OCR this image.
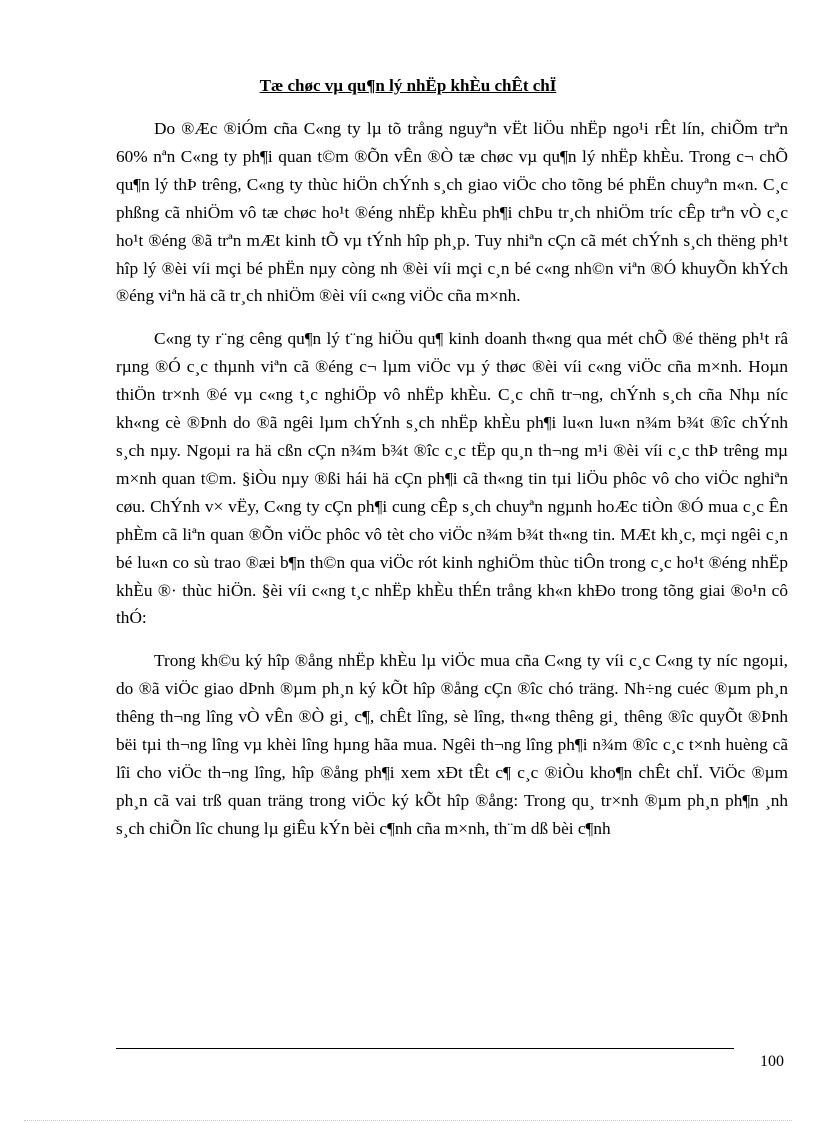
Tæ chøc vµ qu¶n lý nhËp khÈu chÊt chÏ

Do ®Æc ®iÓm cña C«ng ty lµ tõ trång nguyªn vËt liÖu nhËp ngo¹i rÊt lín, chiÕm trªn 60% nªn C«ng ty ph¶i quan t©m ®Õn vÊn ®Ò tæ chøc vµ qu¶n lý nhËp khÈu. Trong c¬ chÕ qu¶n lý thÞ trêng, C«ng ty thùc hiÖn chÝnh s¸ch giao viÖc cho tõng bé phËn chuyªn m«n. C¸c phßng cã nhiÖm vô tæ chøc ho¹t ®éng nhËp khÈu ph¶i chÞu tr¸ch nhiÖm tríc cÊp trªn vÒ c¸c ho¹t ®éng ®ã trªn mÆt kinh tÕ vµ tÝnh hîp ph¸p. Tuy nhiªn cÇn cã mét chÝnh s¸ch thëng ph¹t hîp lý ®èi víi mçi bé phËn nµy còng nh ®èi víi mçi c¸n bé c«ng nh©n viªn ®Ó khuyÕn khÝch ®éng viªn hä cã tr¸ch nhiÖm ®èi víi c«ng viÖc cña m×nh.

C«ng ty r¨ng cêng qu¶n lý t¨ng hiÖu qu¶ kinh doanh th«ng qua mét chÕ ®é thëng ph¹t râ rµng ®Ó c¸c thµnh viªn cã ®éng c¬ lµm viÖc vµ ý thøc ®èi víi c«ng viÖc cña m×nh. Hoµn thiÖn tr×nh ®é vµ c«ng t¸c nghiÖp vô nhËp khÈu. C¸c chñ tr¬ng, chÝnh s¸ch cña Nhµ níc kh«ng cè ®Þnh do ®ã ngêi lµm chÝnh s¸ch nhËp khÈu ph¶i lu«n lu«n n¾m b¾t ®îc chÝnh s¸ch nµy. Ngoµi ra hä cßn cÇn n¾m b¾t ®îc c¸c tËp qu¸n th¬ng m¹i ®èi víi c¸c thÞ trêng mµ m×nh quan t©m. §iÒu nµy ®ßi hái hä cÇn ph¶i cã th«ng tin tµi liÖu phôc vô cho viÖc nghiªn cøu. ChÝnh v× vËy, C«ng ty cÇn ph¶i cung cÊp s¸ch chuyªn ngµnh hoÆc tiÒn ®Ó mua c¸c Ên phÈm cã liªn quan ®Õn viÖc phôc vô tèt cho viÖc n¾m b¾t th«ng tin. MÆt kh¸c, mçi ngêi c¸n bé lu«n co sù trao ®æi b¶n th©n qua viÖc rót kinh nghiÖm thùc tiÔn trong c¸c ho¹t ®éng nhËp khÈu ®· thùc hiÖn. §èi víi c«ng t¸c nhËp khÈu thÉn trång kh«n khÐo trong tõng giai ®o¹n cô thÓ:

Trong kh©u ký hîp ®ång nhËp khÈu lµ viÖc mua cña C«ng ty víi c¸c C«ng ty níc ngoµi, do ®ã viÖc giao dÞnh ®µm ph¸n ký kÕt hîp ®ång cÇn ®îc chó träng. Nh÷ng cuéc ®µm ph¸n thêng th¬ng lîng vÒ vÊn ®Ò gi¸ c¶, chÊt lîng, sè lîng, th«ng thêng gi¸ thêng ®îc quyÕt ®Þnh bëi tµi th¬ng lîng vµ khèi lîng hµng hãa mua. Ngêi th¬ng lîng ph¶i n¾m ®îc c¸c t×nh huèng cã lîi cho viÖc th¬ng lîng, hîp ®ång ph¶i xem xÐt tÊt c¶ c¸c ®iÒu kho¶n chÊt chÏ. ViÖc ®µm ph¸n cã vai trß quan träng trong viÖc ký kÕt hîp ®ång: Trong qu¸ tr×nh ®µm ph¸n ph¶n ¸nh s¸ch chiÕn lîc chung lµ giÊu kÝn bèi c¶nh cña m×nh, th¨m dß bèi c¶nh

100
